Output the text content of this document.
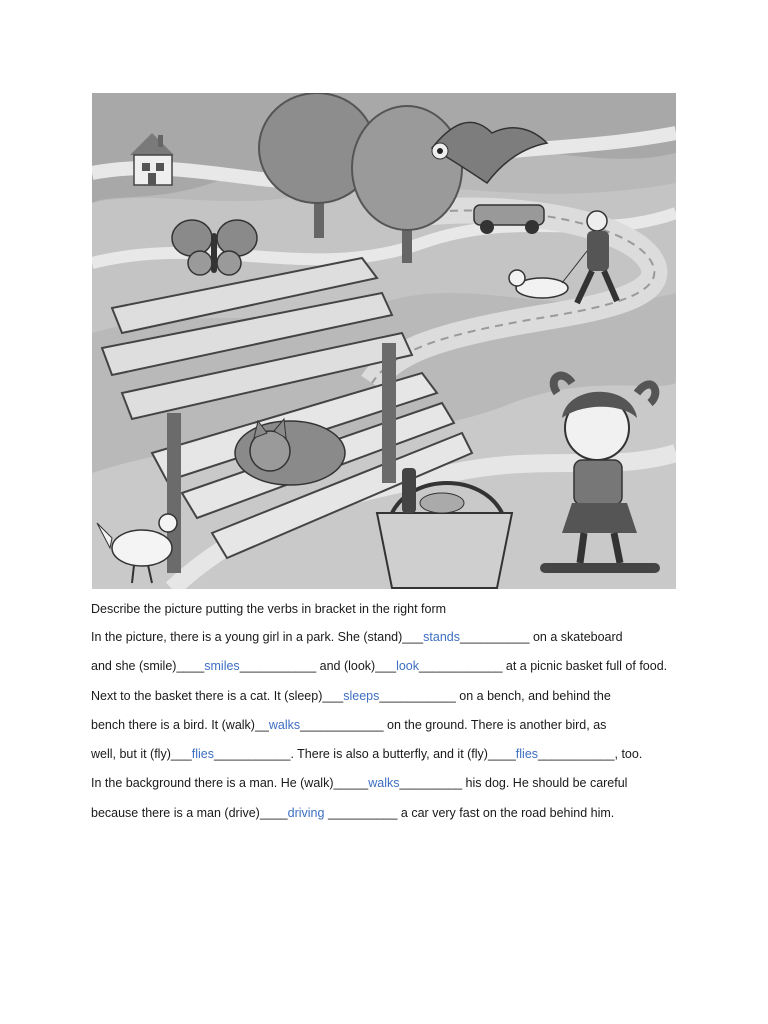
Describe the picture putting the verbs in bracket in the right form
In the picture, there is a young girl in a park. She (stand)___stands__________ on a skateboard
and she (smile)____smiles___________ and (look)___look____________ at a picnic basket full of food.
Next to the basket there is a cat. It (sleep)___sleeps___________ on a bench, and behind the
bench there is a bird. It (walk)__walks____________ on the ground. There is another bird, as
well, but it (fly)___flies___________. There is also a butterfly, and it (fly)____flies___________, too.
In the background there is a man. He (walk)_____walks_________ his dog. He should be careful
because there is a man (drive)____driving __________ a car very fast on the road behind him.
